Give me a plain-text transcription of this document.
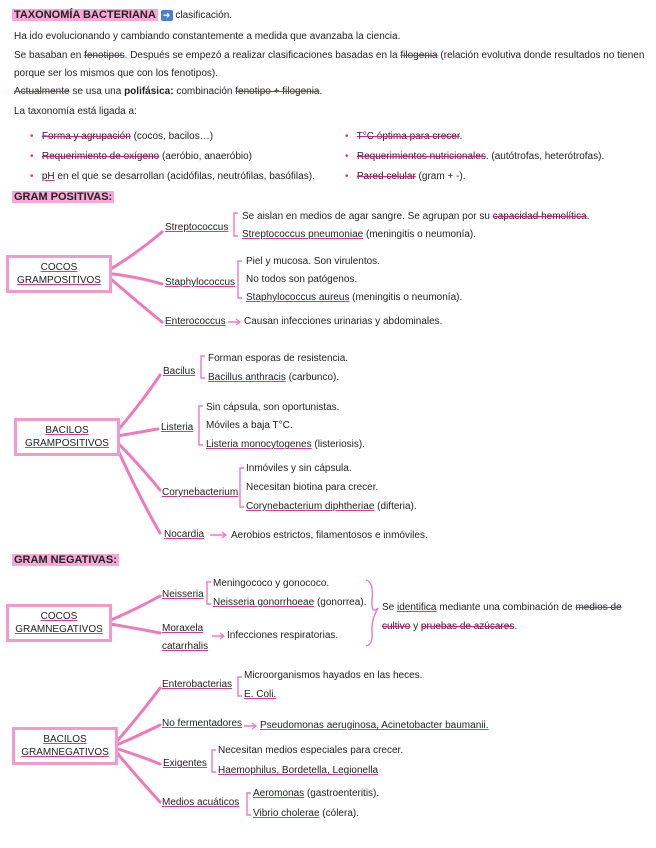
TAXONOMÍA BACTERIANA ➜ clasificación.
Ha ido evolucionando y cambiando constantemente a medida que avanzaba la ciencia.
Se basaban en fenotipos. Después se empezó a realizar clasificaciones basadas en la filogenia (relación evolutiva donde resultados no tienen
porque ser los mismos que con los fenotipos).
Actualmente se usa una polifásica: combinación fenotipo + filogenia.
La taxonomía está ligada a:
• Forma y agrupación (cocos, bacilos…)
• Requerimiento de oxígeno (aeróbio, anaeróbio)
• pH en el que se desarrollan (acidófilas, neutrófilas, basófilas).
• T°C óptima para crecer.
• Requerimientos nutricionales. (autótrofas, heterótrofas).
• Pared celular (gram + -).
GRAM POSITIVAS:
COCOS
GRAMPOSITIVOS
Streptococcus
Se aislan en medios de agar sangre. Se agrupan por su capacidad hemolítica.
Streptococcus pneumoniae (meningitis o neumonía).
Staphylococcus
Piel y mucosa. Son virulentos.
No todos son patógenos.
Staphylococcus aureus (meningitis o neumonía).
Enterococcus Causan infecciones urinarias y abdominales.
BACILOS
GRAMPOSITIVOS
Bacilus
Forman esporas de resistencia.
Bacillus anthracis (carbunco).
Listeria
Sin cápsula, son oportunistas.
Móviles a baja T°C.
Listeria monocytogenes (listeriosis).
Corynebacterium
Inmóviles y sin cápsula.
Necesitan biotina para crecer.
Corynebacterium diphtheriae (difteria).
Nocardia	Aerobios estrictos, filamentosos e inmóviles.
GRAM NEGATIVAS:
COCOS
GRAMNEGATIVOS
Neisseria
Meningococo y gonococo.
Neisseria gonorrhoeae (gonorrea).
Moraxela
catarrhalis
Infecciones respiratorias.
Se identifica mediante una combinación de medios de
cultivo y pruebas de azúcares.
BACILOS
GRAMNEGATIVOS
Enterobacterias
Microorganismos hayados en las heces.
E. Coli.
No fermentadores Pseudomonas aeruginosa, Acinetobacter baumanii.
Exigentes
Necesitan medios especiales para crecer.
Haemophilus, Bordetella, Legionella
Medios acuáticos
Aeromonas (gastroenteritis).
Vibrio cholerae (cólera).
